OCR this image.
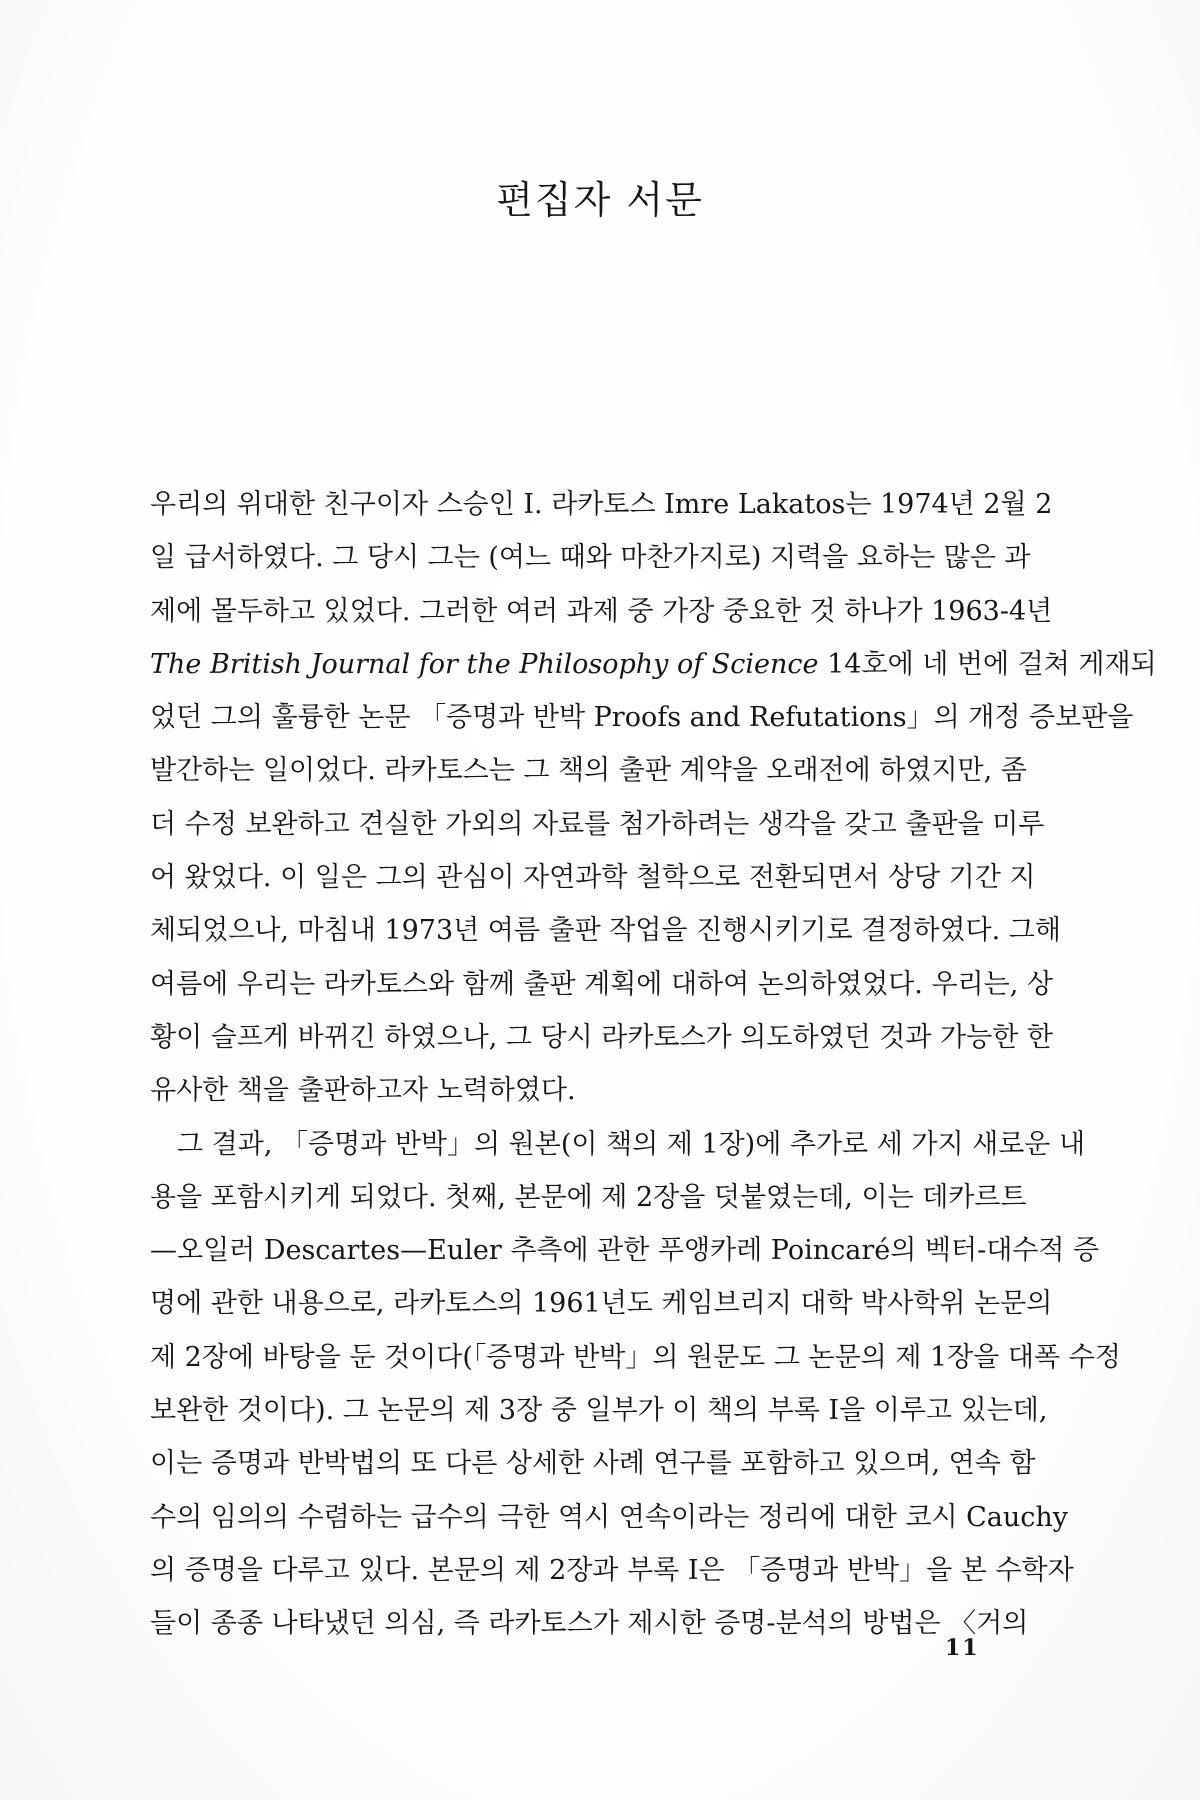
편집자 서문
우리의 위대한 친구이자 스승인 I. 라카토스 Imre Lakatos는 1974년 2월 2
일 급서하였다. 그 당시 그는 (여느 때와 마찬가지로) 지력을 요하는 많은 과
제에 몰두하고 있었다. 그러한 여러 과제 중 가장 중요한 것 하나가 1963-4년
The British Journal for the Philosophy of Science 14호에 네 번에 걸쳐 게재되
었던 그의 훌륭한 논문 「증명과 반박 Proofs and Refutations」의 개정 증보판을
발간하는 일이었다. 라카토스는 그 책의 출판 계약을 오래전에 하였지만, 좀
더 수정 보완하고 견실한 가외의 자료를 첨가하려는 생각을 갖고 출판을 미루
어 왔었다. 이 일은 그의 관심이 자연과학 철학으로 전환되면서 상당 기간 지
체되었으나, 마침내 1973년 여름 출판 작업을 진행시키기로 결정하였다. 그해
여름에 우리는 라카토스와 함께 출판 계획에 대하여 논의하였었다. 우리는, 상
황이 슬프게 바뀌긴 하였으나, 그 당시 라카토스가 의도하였던 것과 가능한 한
유사한 책을 출판하고자 노력하였다.
그 결과, 「증명과 반박」의 원본(이 책의 제 1장)에 추가로 세 가지 새로운 내
용을 포함시키게 되었다. 첫째, 본문에 제 2장을 덧붙였는데, 이는 데카르트
—오일러 Descartes—Euler 추측에 관한 푸앵카레 Poincaré의 벡터-대수적 증
명에 관한 내용으로, 라카토스의 1961년도 케임브리지 대학 박사학위 논문의
제 2장에 바탕을 둔 것이다(「증명과 반박」의 원문도 그 논문의 제 1장을 대폭 수정
보완한 것이다). 그 논문의 제 3장 중 일부가 이 책의 부록 I을 이루고 있는데,
이는 증명과 반박법의 또 다른 상세한 사례 연구를 포함하고 있으며, 연속 함
수의 임의의 수렴하는 급수의 극한 역시 연속이라는 정리에 대한 코시 Cauchy
의 증명을 다루고 있다. 본문의 제 2장과 부록 I은 「증명과 반박」을 본 수학자
들이 종종 나타냈던 의심, 즉 라카토스가 제시한 증명-분석의 방법은 〈거의
11
